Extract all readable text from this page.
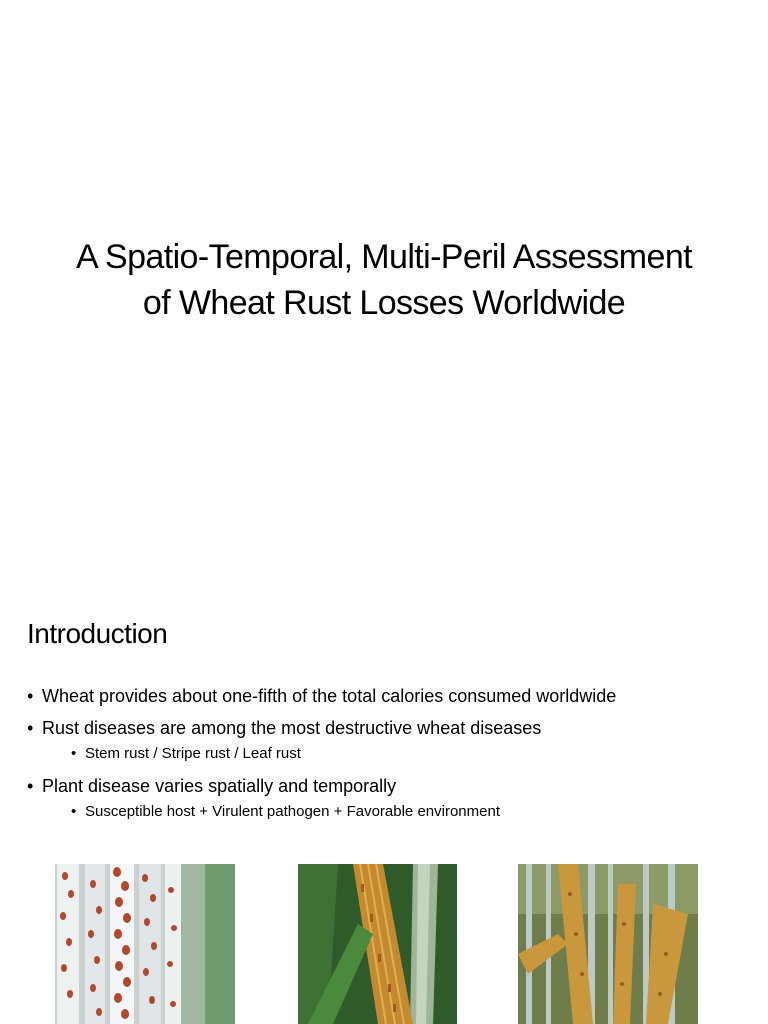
A Spatio-Temporal, Multi-Peril Assessment
of Wheat Rust Losses Worldwide
Introduction
• Wheat provides about one-fifth of the total calories consumed worldwide
• Rust diseases are among the most destructive wheat diseases
• Stem rust / Stripe rust / Leaf rust
• Plant disease varies spatially and temporally
• Susceptible host + Virulent pathogen + Favorable environment
